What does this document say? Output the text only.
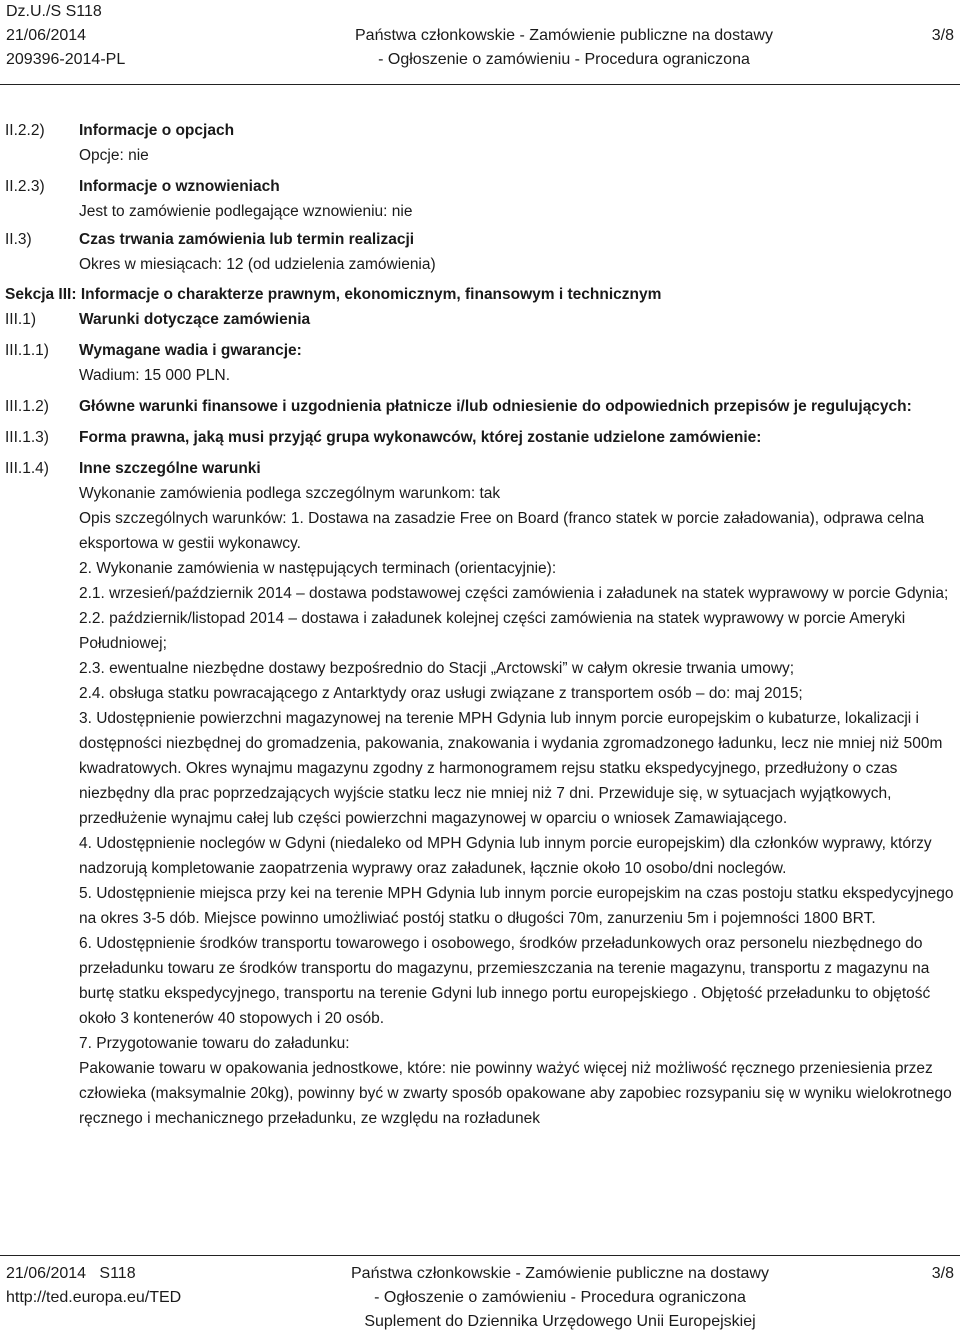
Dz.U./S S118
21/06/2014
209396-2014-PL
Państwa członkowskie - Zamówienie publiczne na dostawy
- Ogłoszenie o zamówieniu - Procedura ograniczona
3/8
II.2.2) Informacje o opcjach
Opcje: nie
II.2.3) Informacje o wznowieniach
Jest to zamówienie podlegające wznowieniu: nie
II.3)	Czas trwania zamówienia lub termin realizacji
Okres w miesiącach: 12 (od udzielenia zamówienia)
Sekcja III: Informacje o charakterze prawnym, ekonomicznym, finansowym i technicznym
III.1)	Warunki dotyczące zamówienia
III.1.1) Wymagane wadia i gwarancje:
Wadium: 15 000 PLN.
III.1.2) Główne warunki finansowe i uzgodnienia płatnicze i/lub odniesienie do odpowiednich przepisów je regulujących:
III.1.3) Forma prawna, jaką musi przyjąć grupa wykonawców, której zostanie udzielone zamówienie:
III.1.4) Inne szczególne warunki
Wykonanie zamówienia podlega szczególnym warunkom: tak
Opis szczególnych warunków: 1. Dostawa na zasadzie Free on Board (franco statek w porcie załadowania), odprawa celna eksportowa w gestii wykonawcy.
2. Wykonanie zamówienia w następujących terminach (orientacyjnie):
2.1. wrzesień/październik 2014 – dostawa podstawowej części zamówienia i załadunek na statek wyprawowy w porcie Gdynia;
2.2. październik/listopad 2014 – dostawa i załadunek kolejnej części zamówienia na statek wyprawowy w porcie Ameryki Południowej;
2.3. ewentualne niezbędne dostawy bezpośrednio do Stacji „Arctowski” w całym okresie trwania umowy;
2.4. obsługa statku powracającego z Antarktydy oraz usługi związane z transportem osób – do: maj 2015;
3. Udostępnienie powierzchni magazynowej na terenie MPH Gdynia lub innym porcie europejskim o kubaturze, lokalizacji i dostępności niezbędnej do gromadzenia, pakowania, znakowania i wydania zgromadzonego ładunku, lecz nie mniej niż 500m kwadratowych. Okres wynajmu magazynu zgodny z harmonogramem rejsu statku ekspedycyjnego, przedłużony o czas niezbędny dla prac poprzedzających wyjście statku lecz nie mniej niż 7 dni. Przewiduje się, w sytuacjach wyjątkowych, przedłużenie wynajmu całej lub części powierzchni magazynowej w oparciu o wniosek Zamawiającego.
4. Udostępnienie noclegów w Gdyni (niedaleko od MPH Gdynia lub innym porcie europejskim) dla członków wyprawy, którzy nadzorują kompletowanie zaopatrzenia wyprawy oraz załadunek, łącznie około 10 osobo/dni noclegów.
5. Udostępnienie miejsca przy kei na terenie MPH Gdynia lub innym porcie europejskim na czas postoju statku ekspedycyjnego na okres 3-5 dób. Miejsce powinno umożliwiać postój statku o długości 70m, zanurzeniu 5m i pojemności 1800 BRT.
6. Udostępnienie środków transportu towarowego i osobowego, środków przeładunkowych oraz personelu niezbędnego do przeładunku towaru ze środków transportu do magazynu, przemieszczania na terenie magazynu, transportu z magazynu na burtę statku ekspedycyjnego, transportu na terenie Gdyni lub innego portu europejskiego . Objętość przeładunku to objętość około 3 kontenerów 40 stopowych i 20 osób.
7. Przygotowanie towaru do załadunku:
Pakowanie towaru w opakowania jednostkowe, które: nie powinny ważyć więcej niż możliwość ręcznego przeniesienia przez człowieka (maksymalnie 20kg), powinny być w zwarty sposób opakowane aby zapobiec rozsypaniu się w wyniku wielokrotnego ręcznego i mechanicznego przeładunku, ze względu na rozładunek
21/06/2014 S118
http://ted.europa.eu/TED
Państwa członkowskie - Zamówienie publiczne na dostawy
- Ogłoszenie o zamówieniu - Procedura ograniczona
Suplement do Dziennika Urzędowego Unii Europejskiej
3/8
